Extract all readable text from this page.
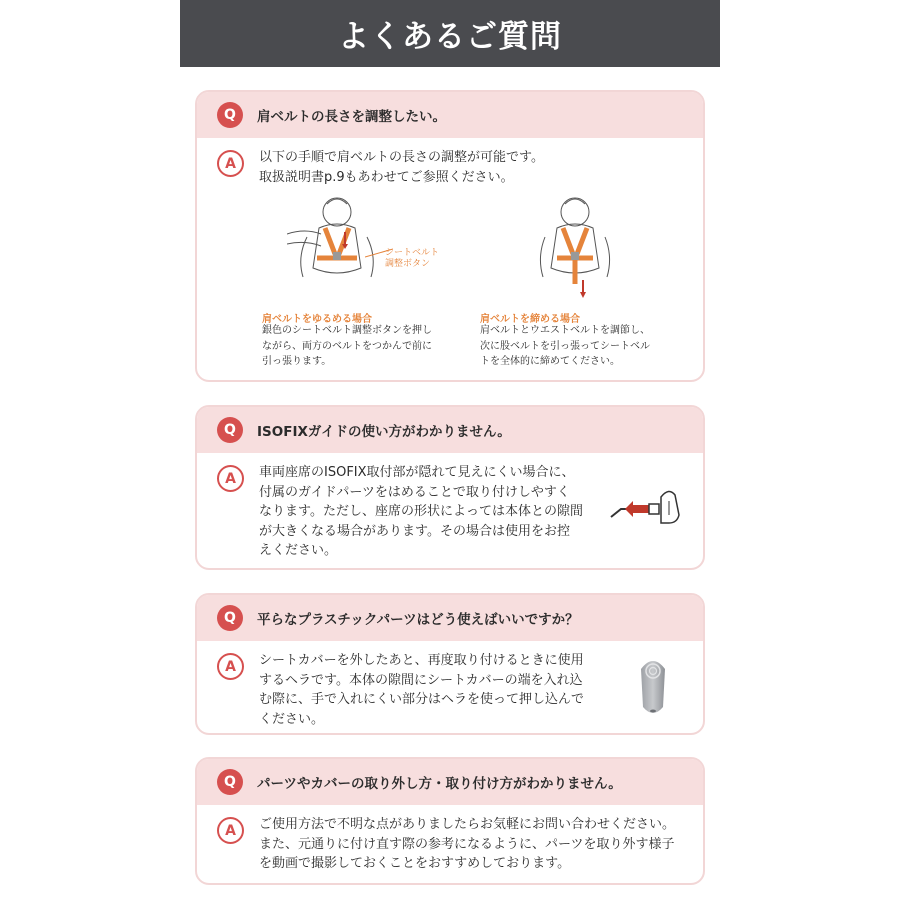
よくあるご質問
Q	肩ベルトの長さを調整したい。
A	以下の手順で肩ベルトの長さの調整が可能です。
取扱説明書p.9もあわせてご参照ください。
シートベルト
調整ボタン
肩ベルトをゆるめる場合
銀色のシートベルト調整ボタンを押し
ながら、両方のベルトをつかんで前に
引っ張ります。
肩ベルトを締める場合
肩ベルトとウエストベルトを調節し、
次に股ベルトを引っ張ってシートベル
トを全体的に締めてください。
Q	ISOFIXガイドの使い方がわかりません。
A	車両座席のISOFIX取付部が隠れて見えにくい場合に、
付属のガイドパーツをはめることで取り付けしやすく
なります。ただし、座席の形状によっては本体との隙間
が大きくなる場合があります。その場合は使用をお控
えください。
Q	平らなプラスチックパーツはどう使えばいいですか？
A	シートカバーを外したあと、再度取り付けるときに使用
するヘラです。本体の隙間にシートカバーの端を入れ込
む際に、手で入れにくい部分はヘラを使って押し込んで
ください。
Q	パーツやカバーの取り外し方・取り付け方がわかりません。
A	ご使用方法で不明な点がありましたらお気軽にお問い合わせください。
また、元通りに付け直す際の参考になるように、パーツを取り外す様子
を動画で撮影しておくことをおすすめしております。
